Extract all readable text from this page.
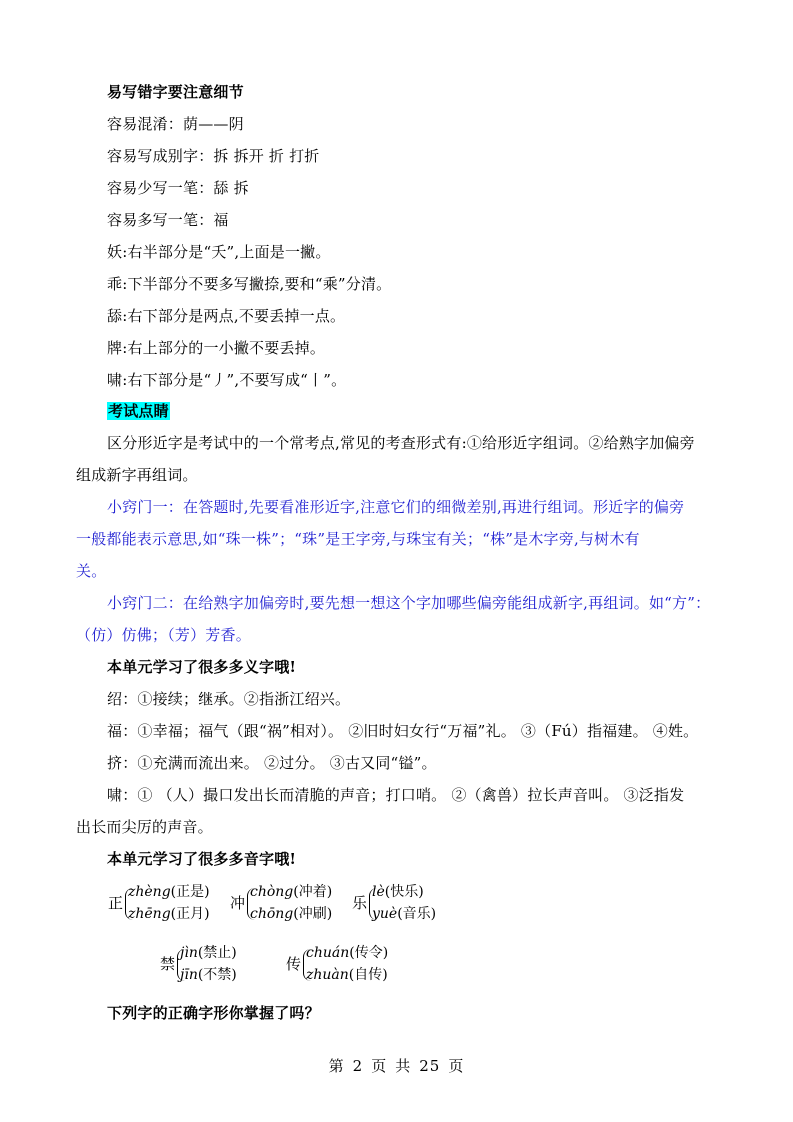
易写错字要注意细节
容易混淆：荫——阴
容易写成别字：拆 拆开 折 打折
容易少写一笔：舔 拆
容易多写一笔：福
妖:右半部分是“夭”,上面是一撇。
乖:下半部分不要多写撇捺,要和“乘”分清。
舔:右下部分是两点,不要丢掉一点。
牌:右上部分的一小撇不要丢掉。
啸:右下部分是“丿”,不要写成“丨”。
考试点睛
区分形近字是考试中的一个常考点,常见的考查形式有:①给形近字组词。②给熟字加偏旁
组成新字再组词。
小窍门一：在答题时,先要看准形近字,注意它们的细微差别,再进行组词。形近字的偏旁
一般都能表示意思,如“珠一株”；“珠”是王字旁,与珠宝有关；“株”是木字旁,与树木有
关。
小窍门二：在给熟字加偏旁时,要先想一想这个字加哪些偏旁能组成新字,再组词。如“方”：
（仿）仿佛；（芳）芳香。
本单元学习了很多多义字哦!
绍：①接续；继承。②指浙江绍兴。
福：①幸福；福气（跟“祸”相对）。 ②旧时妇女行“万福”礼。 ③（Fú）指福建。 ④姓。
挤：①充满而流出来。 ②过分。 ③古又同“镒”。
啸：① （人）撮口发出长而清脆的声音；打口哨。 ②（禽兽）拉长声音叫。 ③泛指发
出长而尖厉的声音。
本单元学习了很多多音字哦!
正
zhèng(正是)
zhēng(正月)
冲
chòng(冲着)
chōng(冲刷)
乐
lè(快乐)
yuè(音乐)
禁
jìn(禁止)
jīn(不禁)
传
chuán(传令)
zhuàn(自传)
下列字的正确字形你掌握了吗？
第 2 页 共 25 页
